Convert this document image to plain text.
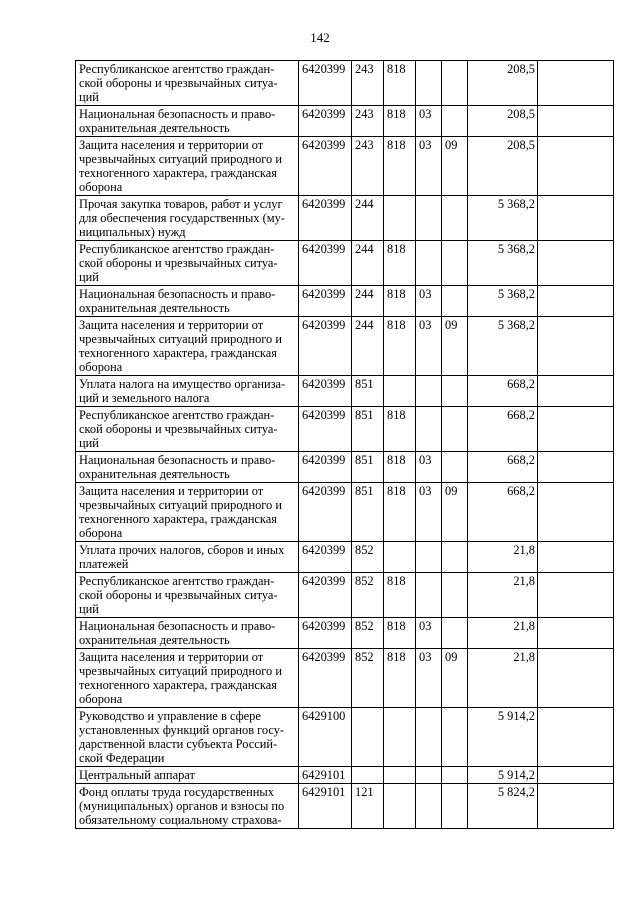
142
Республиканское агентство граждан-ской обороны и чрезвычайных ситуа-ций	6420399	243	818			208,5	
Национальная безопасность и право-охранительная деятельность	6420399	243	818	03		208,5	
Защита населения и территории от чрезвычайных ситуаций природного и техногенного характера, гражданская оборона	6420399	243	818	03	09	208,5	
Прочая закупка товаров, работ и услуг для обеспечения государственных (му-ниципальных) нужд	6420399	244				5 368,2	
Республиканское агентство граждан-ской обороны и чрезвычайных ситуа-ций	6420399	244	818			5 368,2	
Национальная безопасность и право-охранительная деятельность	6420399	244	818	03		5 368,2	
Защита населения и территории от чрезвычайных ситуаций природного и техногенного характера, гражданская оборона	6420399	244	818	03	09	5 368,2	
Уплата налога на имущество организа-ций и земельного налога	6420399	851				668,2	
Республиканское агентство граждан-ской обороны и чрезвычайных ситуа-ций	6420399	851	818			668,2	
Национальная безопасность и право-охранительная деятельность	6420399	851	818	03		668,2	
Защита населения и территории от чрезвычайных ситуаций природного и техногенного характера, гражданская оборона	6420399	851	818	03	09	668,2	
Уплата прочих налогов, сборов и иных платежей	6420399	852				21,8	
Республиканское агентство граждан-ской обороны и чрезвычайных ситуа-ций	6420399	852	818			21,8	
Национальная безопасность и право-охранительная деятельность	6420399	852	818	03		21,8	
Защита населения и территории от чрезвычайных ситуаций природного и техногенного характера, гражданская оборона	6420399	852	818	03	09	21,8	
Руководство и управление в сфере установленных функций органов госу-дарственной власти субъекта Россий-ской Федерации	6429100					5 914,2	
Центральный аппарат	6429101					5 914,2	
Фонд оплаты труда государственных (муниципальных) органов и взносы по обязательному социальному страхова-	6429101	121				5 824,2	
